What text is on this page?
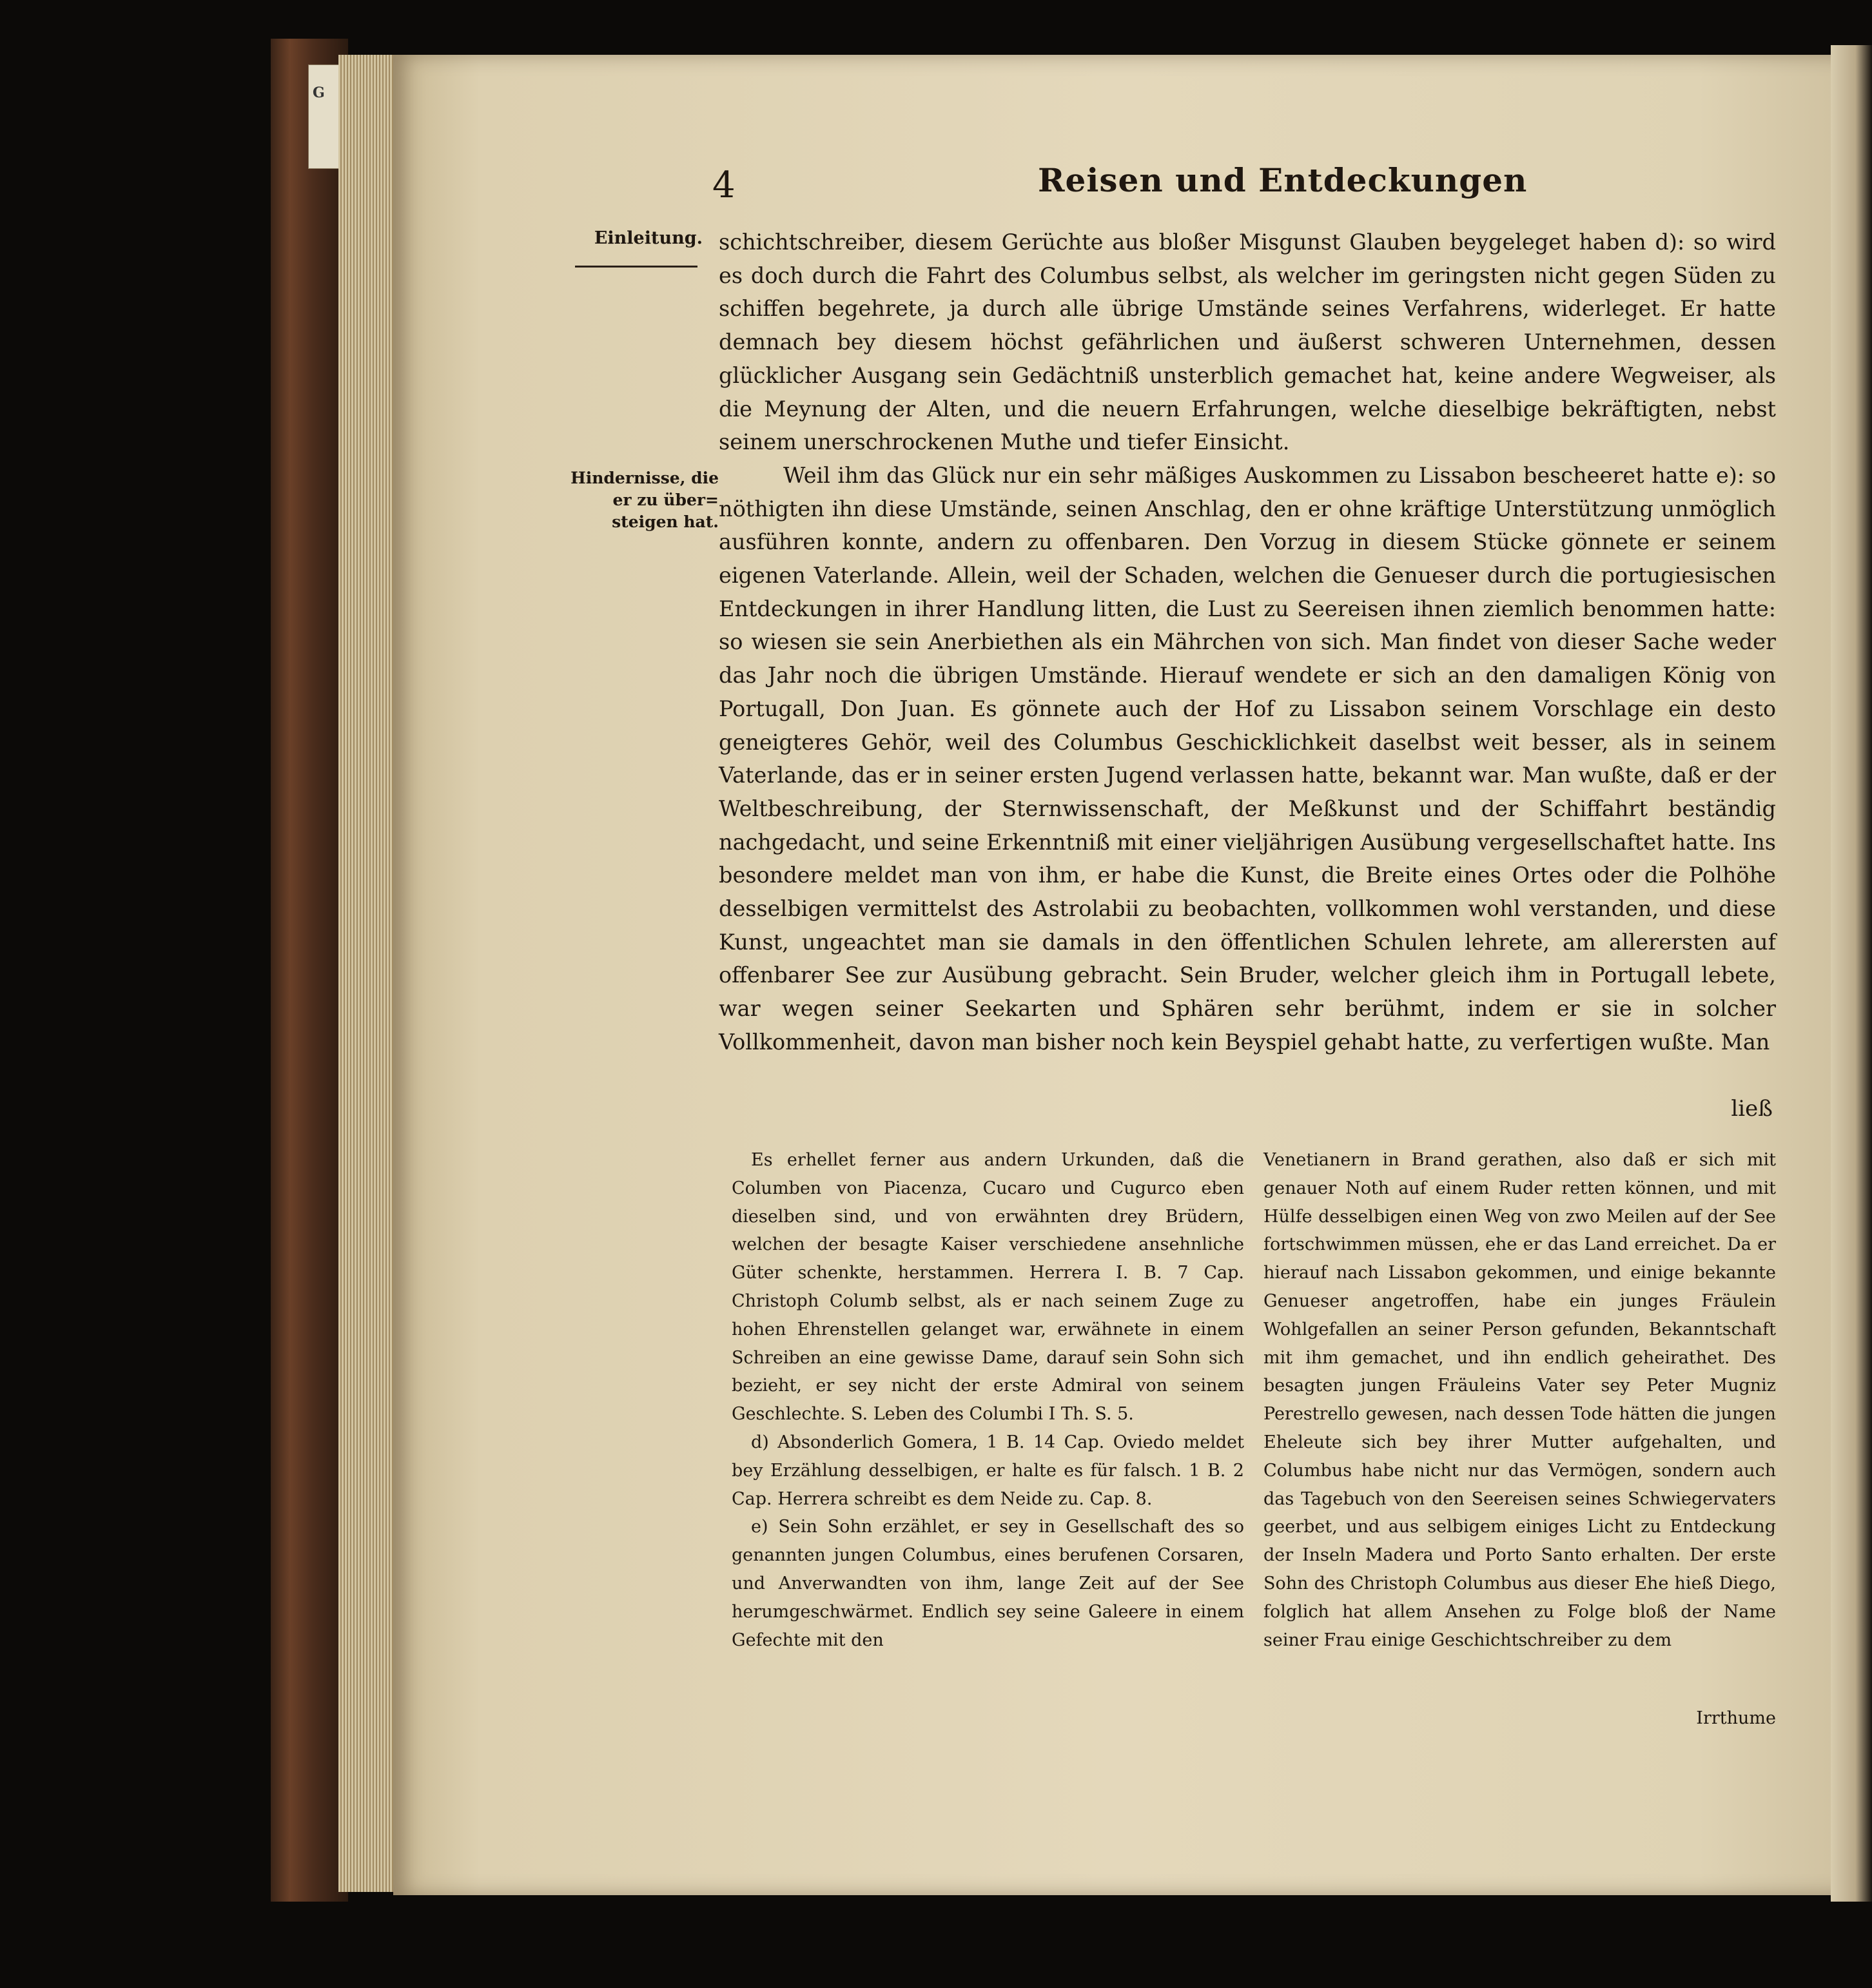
G
4	Reisen und Entdeckungen
Einleitung.
Hindernisse, die er zu über= steigen hat.

schichtschreiber, diesem Gerüchte aus bloßer Misgunst Glauben beygeleget haben d): so wird es doch durch die Fahrt des Columbus selbst, als welcher im geringsten nicht gegen Süden zu schiffen begehrete, ja durch alle übrige Umstände seines Verfahrens, widerleget. Er hatte demnach bey diesem höchst gefährlichen und äußerst schweren Unternehmen, dessen glücklicher Ausgang sein Gedächtniß unsterblich gemachet hat, keine andere Wegweiser, als die Meynung der Alten, und die neuern Erfahrungen, welche dieselbige bekräftigten, nebst seinem unerschrockenen Muthe und tiefer Einsicht.

Weil ihm das Glück nur ein sehr mäßiges Auskommen zu Lissabon bescheeret hatte e): so nöthigten ihn diese Umstände, seinen Anschlag, den er ohne kräftige Unterstützung unmöglich ausführen konnte, andern zu offenbaren. Den Vorzug in diesem Stücke gönnete er seinem eigenen Vaterlande. Allein, weil der Schaden, welchen die Genueser durch die portugiesischen Entdeckungen in ihrer Handlung litten, die Lust zu Seereisen ihnen ziemlich benommen hatte: so wiesen sie sein Anerbiethen als ein Mährchen von sich. Man findet von dieser Sache weder das Jahr noch die übrigen Umstände. Hierauf wendete er sich an den damaligen König von Portugall, Don Juan. Es gönnete auch der Hof zu Lissabon seinem Vorschlage ein desto geneigteres Gehör, weil des Columbus Geschicklichkeit daselbst weit besser, als in seinem Vaterlande, das er in seiner ersten Jugend verlassen hatte, bekannt war. Man wußte, daß er der Weltbeschreibung, der Sternwissenschaft, der Meßkunst und der Schiffahrt beständig nachgedacht, und seine Erkenntniß mit einer vieljährigen Ausübung vergesellschaftet hatte. Ins besondere meldet man von ihm, er habe die Kunst, die Breite eines Ortes oder die Polhöhe desselbigen vermittelst des Astrolabii zu beobachten, vollkommen wohl verstanden, und diese Kunst, ungeachtet man sie damals in den öffentlichen Schulen lehrete, am allerersten auf offenbarer See zur Ausübung gebracht. Sein Bruder, welcher gleich ihm in Portugall lebete, war wegen seiner Seekarten und Sphären sehr berühmt, indem er sie in solcher Vollkommenheit, davon man bisher noch kein Beyspiel gehabt hatte, zu verfertigen wußte. Man

ließ

Es erhellet ferner aus andern Urkunden, daß die Columben von Piacenza, Cucaro und Cugurco eben dieselben sind, und von erwähnten drey Brüdern, welchen der besagte Kaiser verschiedene ansehnliche Güter schenkte, herstammen. Herrera I. B. 7 Cap. Christoph Columb selbst, als er nach seinem Zuge zu hohen Ehrenstellen gelanget war, erwähnete in einem Schreiben an eine gewisse Dame, darauf sein Sohn sich bezieht, er sey nicht der erste Admiral von seinem Geschlechte. S. Leben des Columbi I Th. S. 5.

d) Absonderlich Gomera, 1 B. 14 Cap. Oviedo meldet bey Erzählung desselbigen, er halte es für falsch. 1 B. 2 Cap. Herrera schreibt es dem Neide zu. Cap. 8.

e) Sein Sohn erzählet, er sey in Gesellschaft des so genannten jungen Columbus, eines berufenen Corsaren, und Anverwandten von ihm, lange Zeit auf der See herumgeschwärmet. Endlich sey seine Galeere in einem Gefechte mit den

Venetianern in Brand gerathen, also daß er sich mit genauer Noth auf einem Ruder retten können, und mit Hülfe desselbigen einen Weg von zwo Meilen auf der See fortschwimmen müssen, ehe er das Land erreichet. Da er hierauf nach Lissabon gekommen, und einige bekannte Genueser angetroffen, habe ein junges Fräulein Wohlgefallen an seiner Person gefunden, Bekanntschaft mit ihm gemachet, und ihn endlich geheirathet. Des besagten jungen Fräuleins Vater sey Peter Mugniz Perestrello gewesen, nach dessen Tode hätten die jungen Eheleute sich bey ihrer Mutter aufgehalten, und Columbus habe nicht nur das Vermögen, sondern auch das Tagebuch von den Seereisen seines Schwiegervaters geerbet, und aus selbigem einiges Licht zu Entdeckung der Inseln Madera und Porto Santo erhalten. Der erste Sohn des Christoph Columbus aus dieser Ehe hieß Diego, folglich hat allem Ansehen zu Folge bloß der Name seiner Frau einige Geschichtschreiber zu dem

Irrthume
